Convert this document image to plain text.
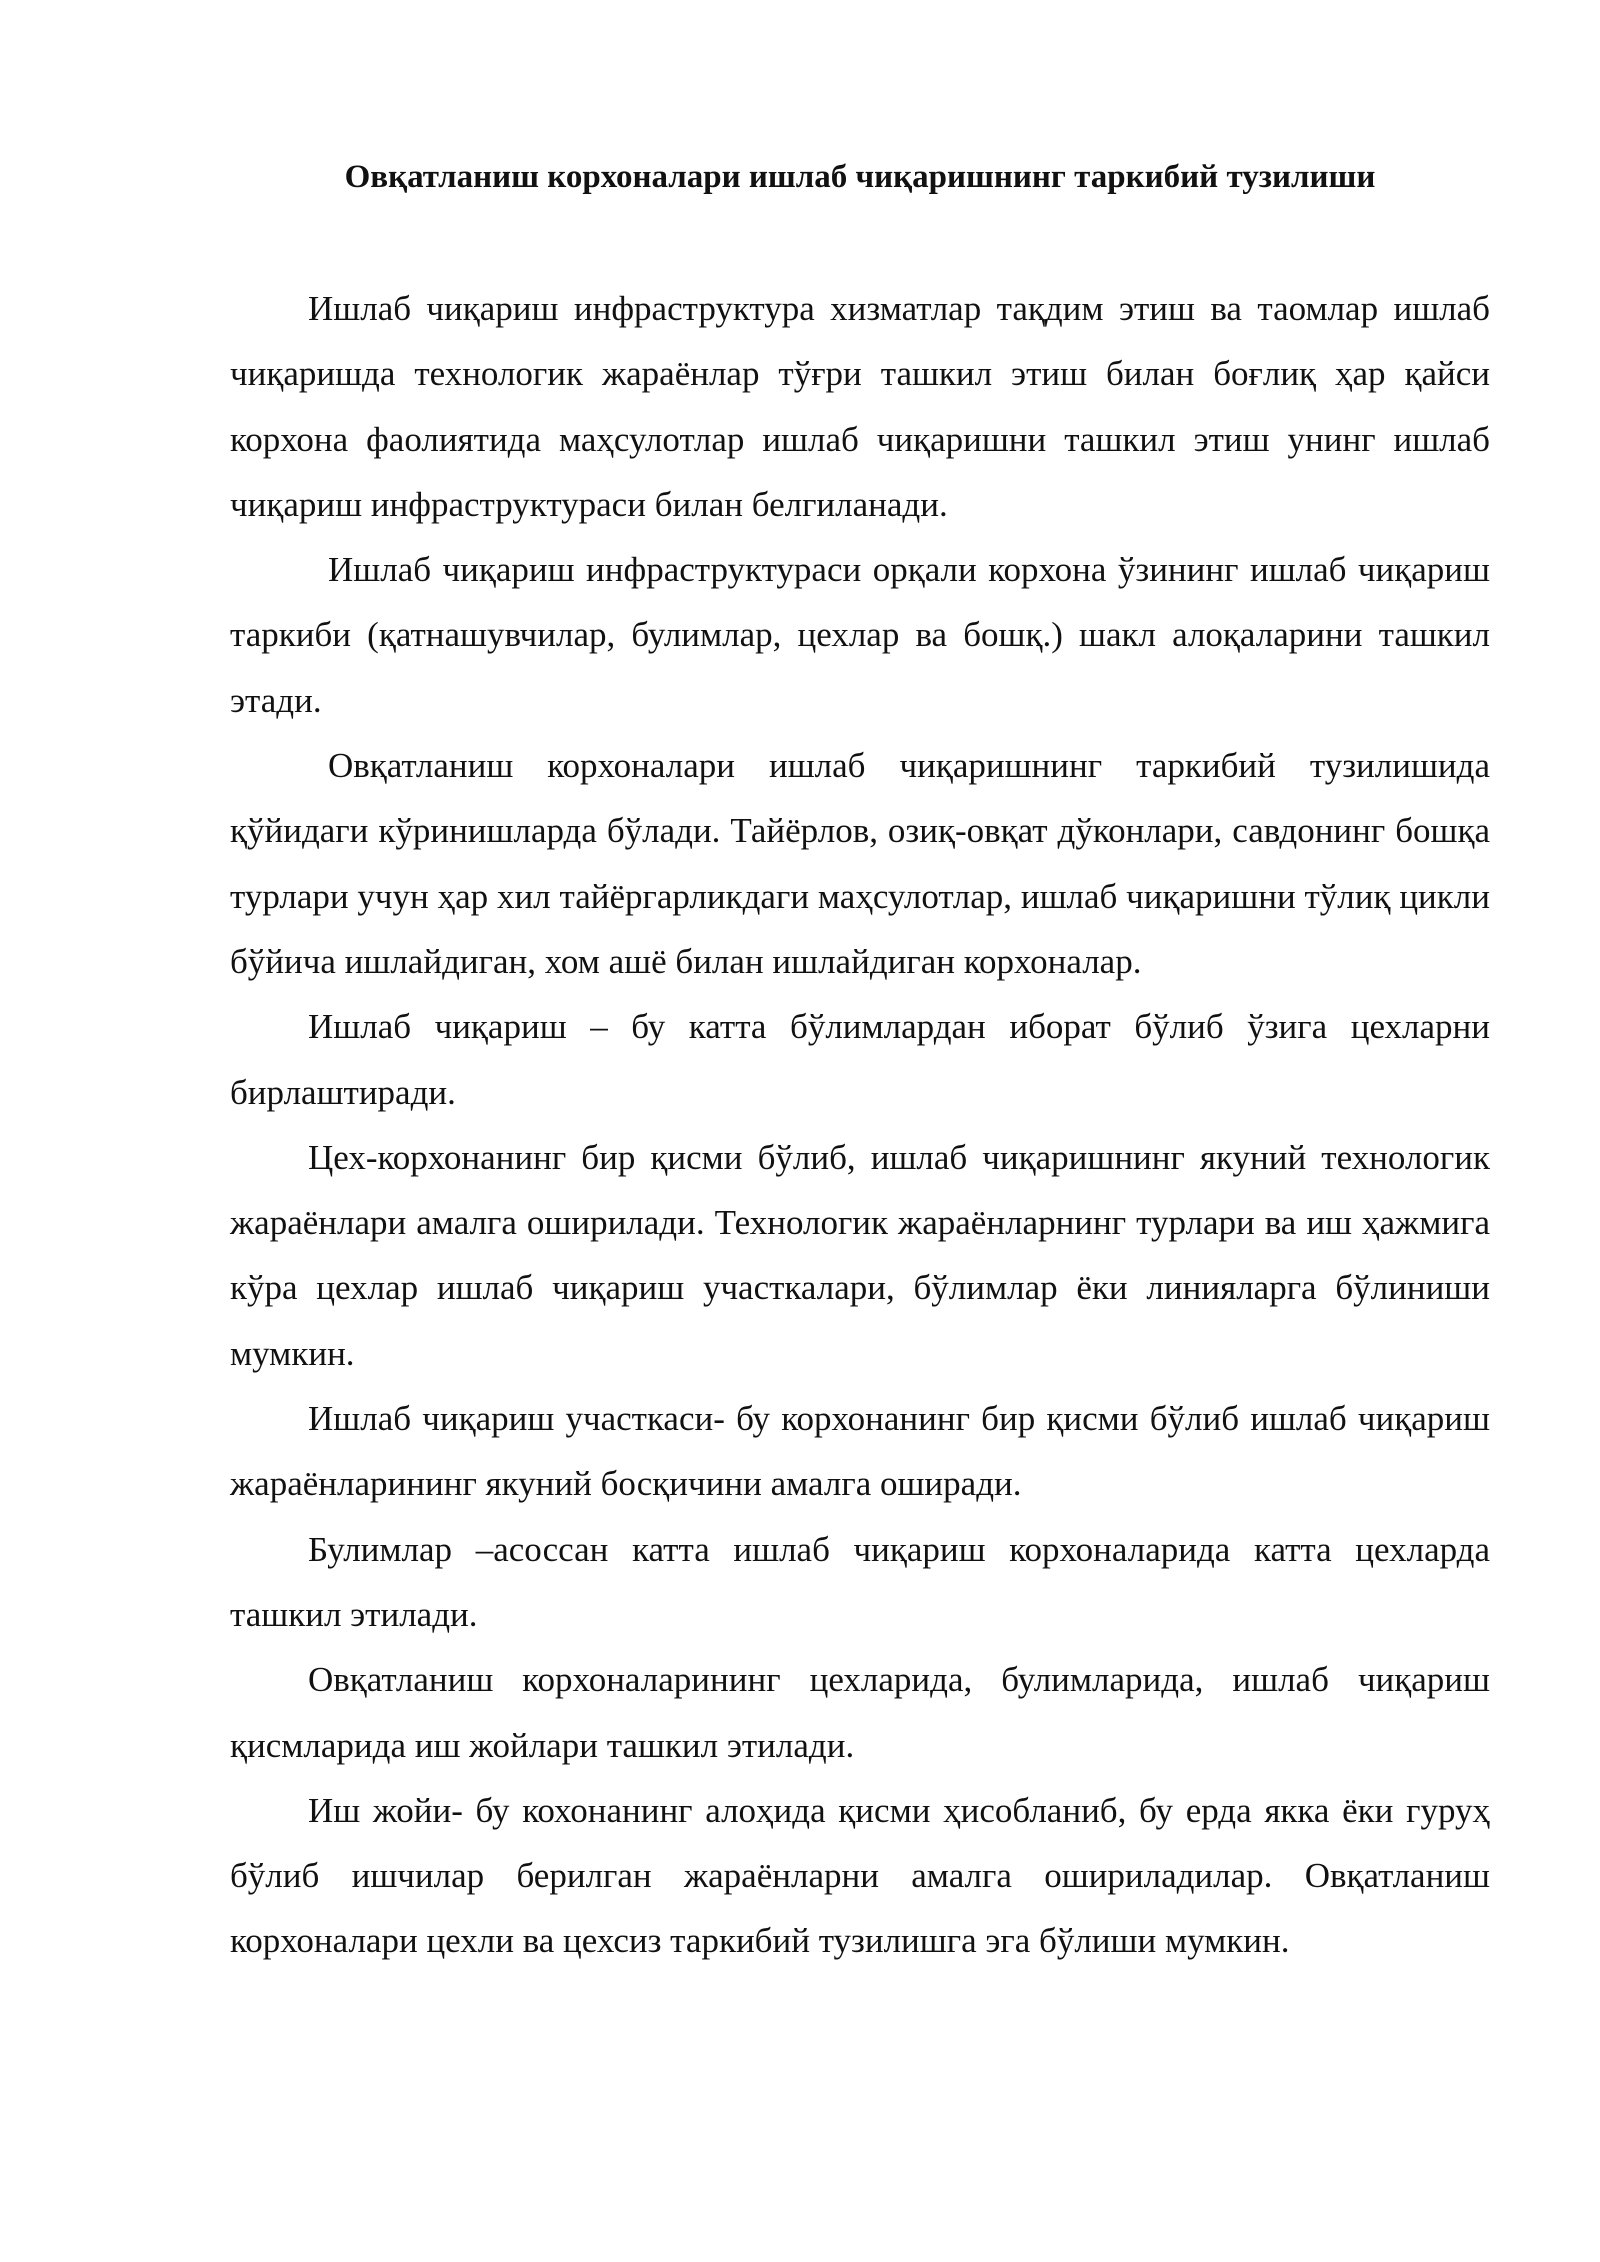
Овқатланиш корхоналари ишлаб чиқаришнинг таркибий тузилиши

Ишлаб чиқариш инфраструктура хизматлар тақдим этиш ва таомлар ишлаб чиқаришда технологик жараёнлар тўғри ташкил этиш билан боғлиқ ҳар қайси корхона фаолиятида маҳсулотлар ишлаб чиқаришни ташкил этиш унинг ишлаб чиқариш инфраструктураси билан белгиланади.

Ишлаб чиқариш инфраструктураси орқали корхона ўзининг ишлаб чиқариш таркиби (қатнашувчилар, булимлар, цехлар ва бошқ.) шакл алоқаларини ташкил этади.

Овқатланиш корхоналари ишлаб чиқаришнинг таркибий тузилишида қўйидаги кўринишларда бўлади. Тайёрлов, озиқ-овқат дўконлари, савдонинг бошқа турлари учун ҳар хил тайёргарликдаги маҳсулотлар, ишлаб чиқаришни тўлиқ цикли бўйича ишлайдиган, хом ашё билан ишлайдиган корхоналар.

Ишлаб чиқариш – бу катта бўлимлардан иборат бўлиб ўзига цехларни бирлаштиради.

Цех-корхонанинг бир қисми бўлиб, ишлаб чиқаришнинг якуний технологик жараёнлари амалга оширилади. Технологик жараёнларнинг турлари ва иш ҳажмига кўра цехлар ишлаб чиқариш участкалари, бўлимлар ёки линияларга бўлиниши мумкин.

Ишлаб чиқариш участкаси- бу корхонанинг бир қисми бўлиб ишлаб чиқариш жараёнларининг якуний босқичини амалга оширади.

Булимлар –асоссан катта ишлаб чиқариш корхоналарида катта цехларда ташкил этилади.

Овқатланиш корхоналарининг цехларида, булимларида, ишлаб чиқариш қисмларида иш жойлари ташкил этилади.

Иш жойи- бу кохонанинг алоҳида қисми ҳисобланиб, бу ерда якка ёки гуруҳ бўлиб ишчилар берилган жараёнларни амалга ошириладилар. Овқатланиш корхоналари цехли ва цехсиз таркибий тузилишга эга бўлиши мумкин.
